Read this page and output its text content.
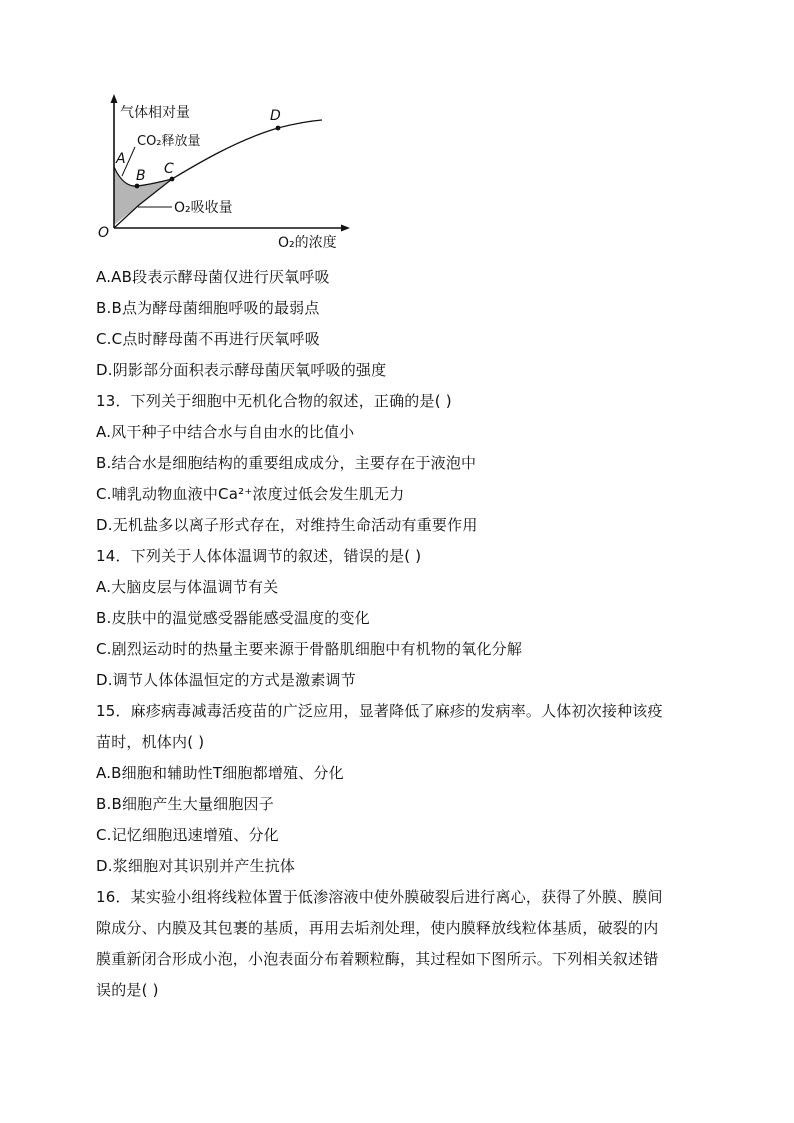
气体相对量
O₂的浓度
O
A
B C
D
CO₂释放量
O₂吸收量
A.AB段表示酵母菌仅进行厌氧呼吸
B.B点为酵母菌细胞呼吸的最弱点
C.C点时酵母菌不再进行厌氧呼吸
D.阴影部分面积表示酵母菌厌氧呼吸的强度
13．下列关于细胞中无机化合物的叙述，正确的是( )
A.风干种子中结合水与自由水的比值小
B.结合水是细胞结构的重要组成成分，主要存在于液泡中
C.哺乳动物血液中Ca²⁺浓度过低会发生肌无力
D.无机盐多以离子形式存在，对维持生命活动有重要作用
14．下列关于人体体温调节的叙述，错误的是( )
A.大脑皮层与体温调节有关
B.皮肤中的温觉感受器能感受温度的变化
C.剧烈运动时的热量主要来源于骨骼肌细胞中有机物的氧化分解
D.调节人体体温恒定的方式是激素调节
15．麻疹病毒减毒活疫苗的广泛应用，显著降低了麻疹的发病率。人体初次接种该疫
苗时，机体内( )
A.B细胞和辅助性T细胞都增殖、分化
B.B细胞产生大量细胞因子
C.记忆细胞迅速增殖、分化
D.浆细胞对其识别并产生抗体
16．某实验小组将线粒体置于低渗溶液中使外膜破裂后进行离心，获得了外膜、膜间
隙成分、内膜及其包裹的基质，再用去垢剂处理，使内膜释放线粒体基质，破裂的内
膜重新闭合形成小泡，小泡表面分布着颗粒酶，其过程如下图所示。下列相关叙述错
误的是( )
